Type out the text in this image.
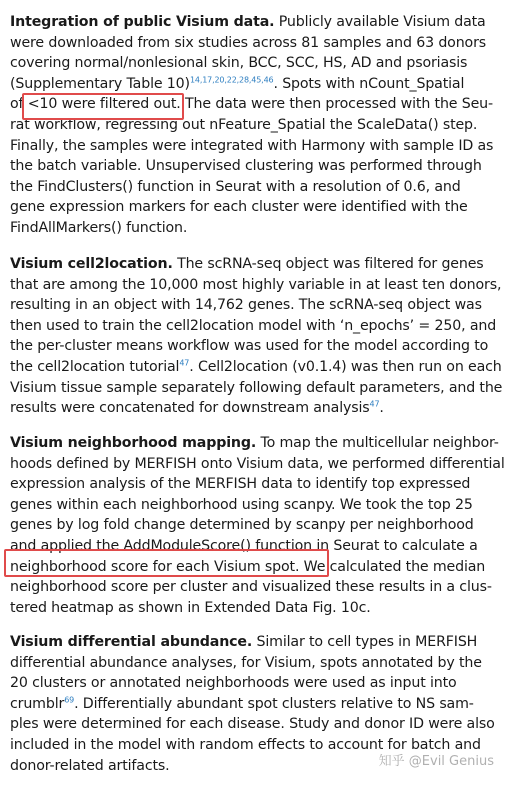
Integration of public Visium data. Publicly available Visium data
were downloaded from six studies across 81 samples and 63 donors
covering normal/nonlesional skin, BCC, SCC, HS, AD and psoriasis
(Supplementary Table 10)$^{14,17,20,22,28,45,46}$. Spots with nCount_Spatial
of <10 were filtered out. The data were then processed with the Seu-
rat workflow, regressing out nFeature_Spatial the ScaleData() step.
Finally, the samples were integrated with Harmony with sample ID as
the batch variable. Unsupervised clustering was performed through
the FindClusters() function in Seurat with a resolution of 0.6, and
gene expression markers for each cluster were identified with the
FindAllMarkers() function.
Visium cell2location. The scRNA-seq object was filtered for genes
that are among the 10,000 most highly variable in at least ten donors,
resulting in an object with 14,762 genes. The scRNA-seq object was
then used to train the cell2location model with ‘n_epochs’ = 250, and
the per-cluster means workflow was used for the model according to
the cell2location tutorial$^{47}$. Cell2location (v0.1.4) was then run on each
Visium tissue sample separately following default parameters, and the
results were concatenated for downstream analysis$^{47}$.
Visium neighborhood mapping. To map the multicellular neighbor-
hoods defined by MERFISH onto Visium data, we performed differential
expression analysis of the MERFISH data to identify top expressed
genes within each neighborhood using scanpy. We took the top 25
genes by log fold change determined by scanpy per neighborhood
and applied the AddModuleScore() function in Seurat to calculate a
neighborhood score for each Visium spot. We calculated the median
neighborhood score per cluster and visualized these results in a clus-
tered heatmap as shown in Extended Data Fig. 10c.
Visium differential abundance. Similar to cell types in MERFISH
differential abundance analyses, for Visium, spots annotated by the
20 clusters or annotated neighborhoods were used as input into
crumblr$^{69}$. Differentially abundant spot clusters relative to NS sam-
ples were determined for each disease. Study and donor ID were also
included in the model with random effects to account for batch and
donor-related artifacts.	知乎 @Evil Genius
